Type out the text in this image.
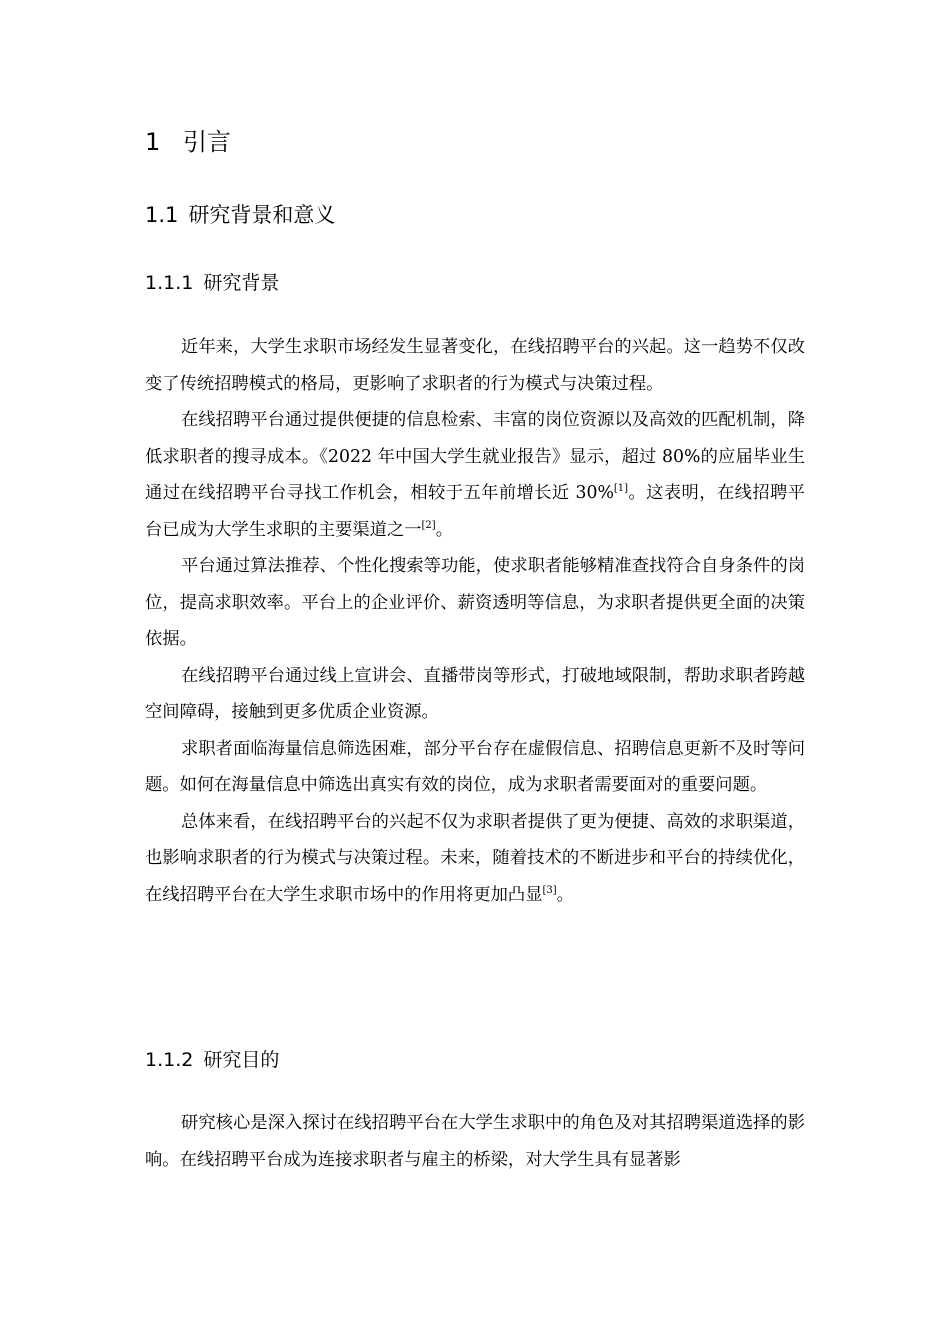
1 引言
1.1 研究背景和意义
1.1.1 研究背景

近年来，大学生求职市场经发生显著变化，在线招聘平台的兴起。这一趋势不仅改变了传统招聘模式的格局，更影响了求职者的行为模式与决策过程。

在线招聘平台通过提供便捷的信息检索、丰富的岗位资源以及高效的匹配机制，降低求职者的搜寻成本。《2022 年中国大学生就业报告》显示，超过 80%的应届毕业生通过在线招聘平台寻找工作机会，相较于五年前增长近 30%[1]。这表明，在线招聘平台已成为大学生求职的主要渠道之一[2]。

平台通过算法推荐、个性化搜索等功能，使求职者能够精准查找符合自身条件的岗位，提高求职效率。平台上的企业评价、薪资透明等信息，为求职者提供更全面的决策依据。

在线招聘平台通过线上宣讲会、直播带岗等形式，打破地域限制，帮助求职者跨越空间障碍，接触到更多优质企业资源。

求职者面临海量信息筛选困难，部分平台存在虚假信息、招聘信息更新不及时等问题。如何在海量信息中筛选出真实有效的岗位，成为求职者需要面对的重要问题。

总体来看，在线招聘平台的兴起不仅为求职者提供了更为便捷、高效的求职渠道，也影响求职者的行为模式与决策过程。未来，随着技术的不断进步和平台的持续优化，在线招聘平台在大学生求职市场中的作用将更加凸显[3]。

1.1.2 研究目的

研究核心是深入探讨在线招聘平台在大学生求职中的角色及对其招聘渠道选择的影响。在线招聘平台成为连接求职者与雇主的桥梁，对大学生具有显著影
